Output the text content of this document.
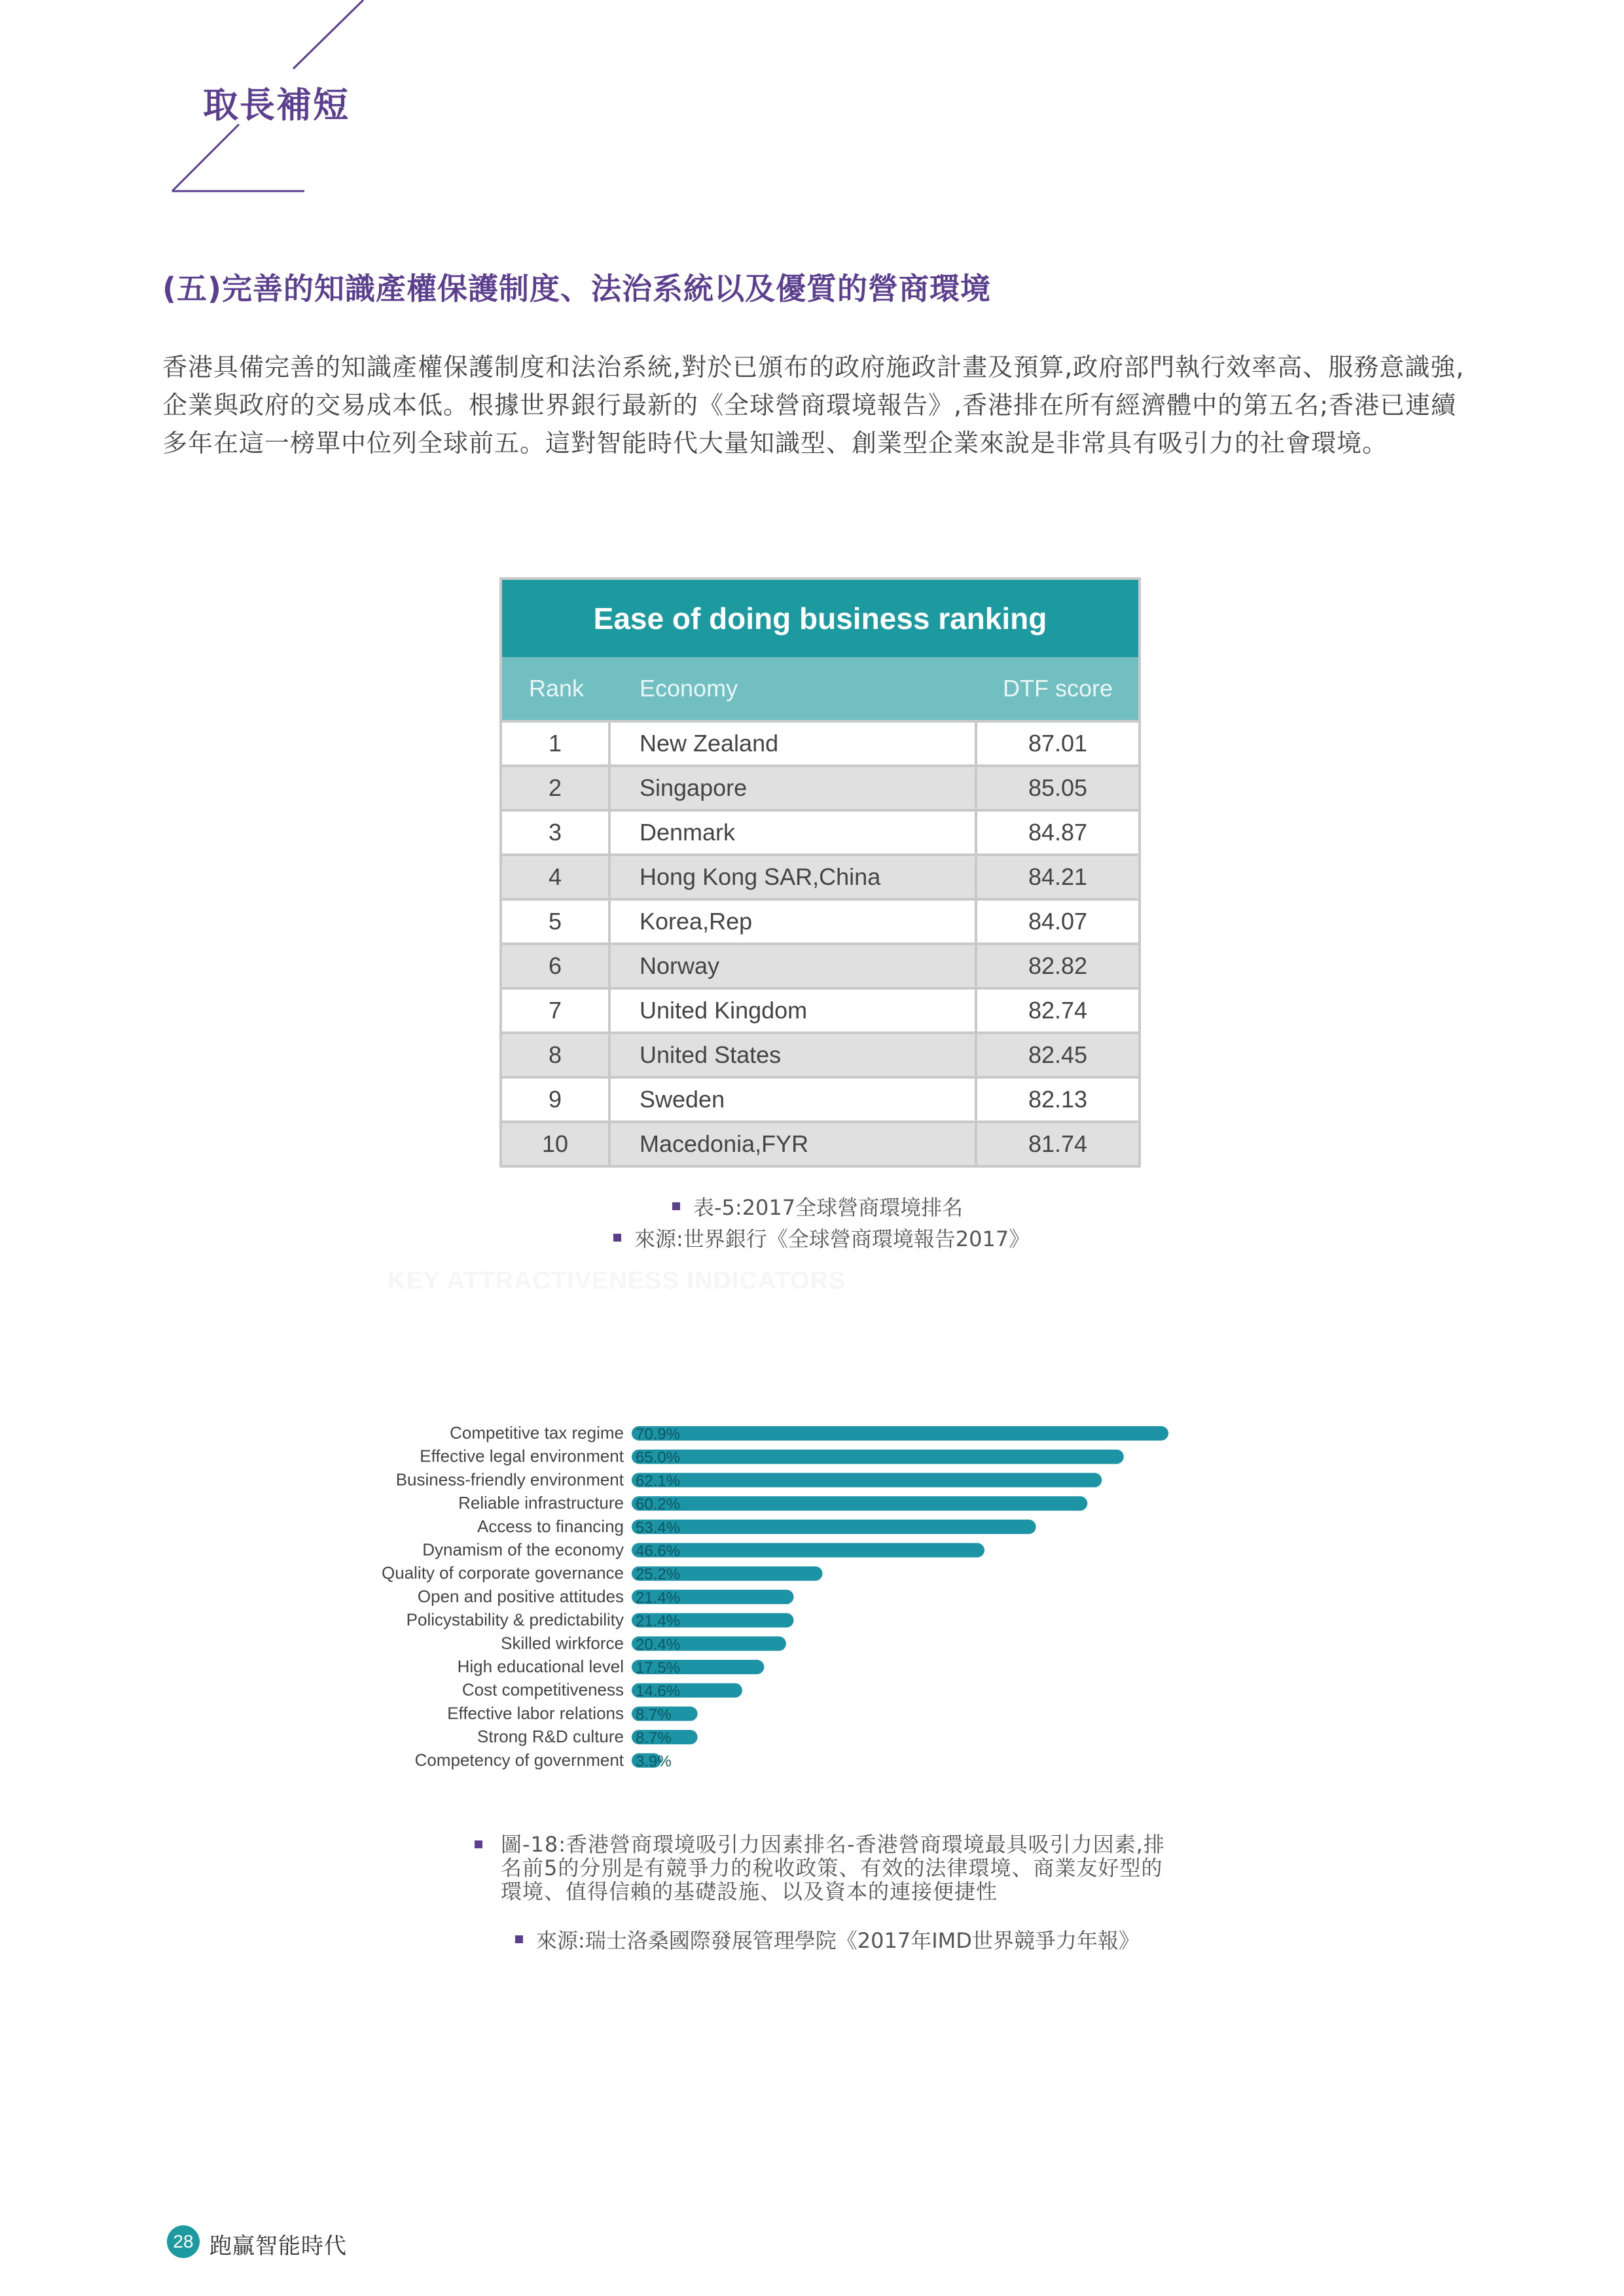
取長補短
(五)完善的知識產權保護制度、法治系統以及優質的營商環境
香港具備完善的知識產權保護制度和法治系統,對於已頒布的政府施政計畫及預算,政府部門執行效率高、服務意識強,企業與政府的交易成本低。根據世界銀行最新的《全球營商環境報告》,香港排在所有經濟體中的第五名;香港已連續多年在這一榜單中位列全球前五。這對智能時代大量知識型、創業型企業來說是非常具有吸引力的社會環境。
Ease of doing business ranking
Rank	Economy	DTF score
1	New Zealand	87.01
2	Singapore	85.05
3	Denmark	84.87
4	Hong Kong SAR,China	84.21
5	Korea,Rep	84.07
6	Norway	82.82
7	United Kingdom	82.74
8	United States	82.45
9	Sweden	82.13
10	Macedonia,FYR	81.74
表-5:2017全球營商環境排名
來源:世界銀行《全球營商環境報告2017》
KEY ATTRACTIVENESS INDICATORS
Competitive tax regime 70.9%
Effective legal environment 65.0%
Business-friendly environment 62.1%
Reliable infrastructure 60.2%
Access to financing 53.4%
Dynamism of the economy 46.6%
Quality of corporate governance 25.2%
Open and positive attitudes 21.4%
Policystability & predictability 21.4%
Skilled wirkforce 20.4%
High educational level 17.5%
Cost competitiveness 14.6%
Effective labor relations 8.7%
Strong R&D culture 8.7%
Competency of government 3.9%
圖-18:香港營商環境吸引力因素排名-香港營商環境最具吸引力因素,排名前5的分別是有競爭力的稅收政策、有效的法律環境、商業友好型的環境、值得信賴的基礎設施、以及資本的連接便捷性
來源:瑞士洛桑國際發展管理學院《2017年IMD世界競爭力年報》
28 跑贏智能時代
